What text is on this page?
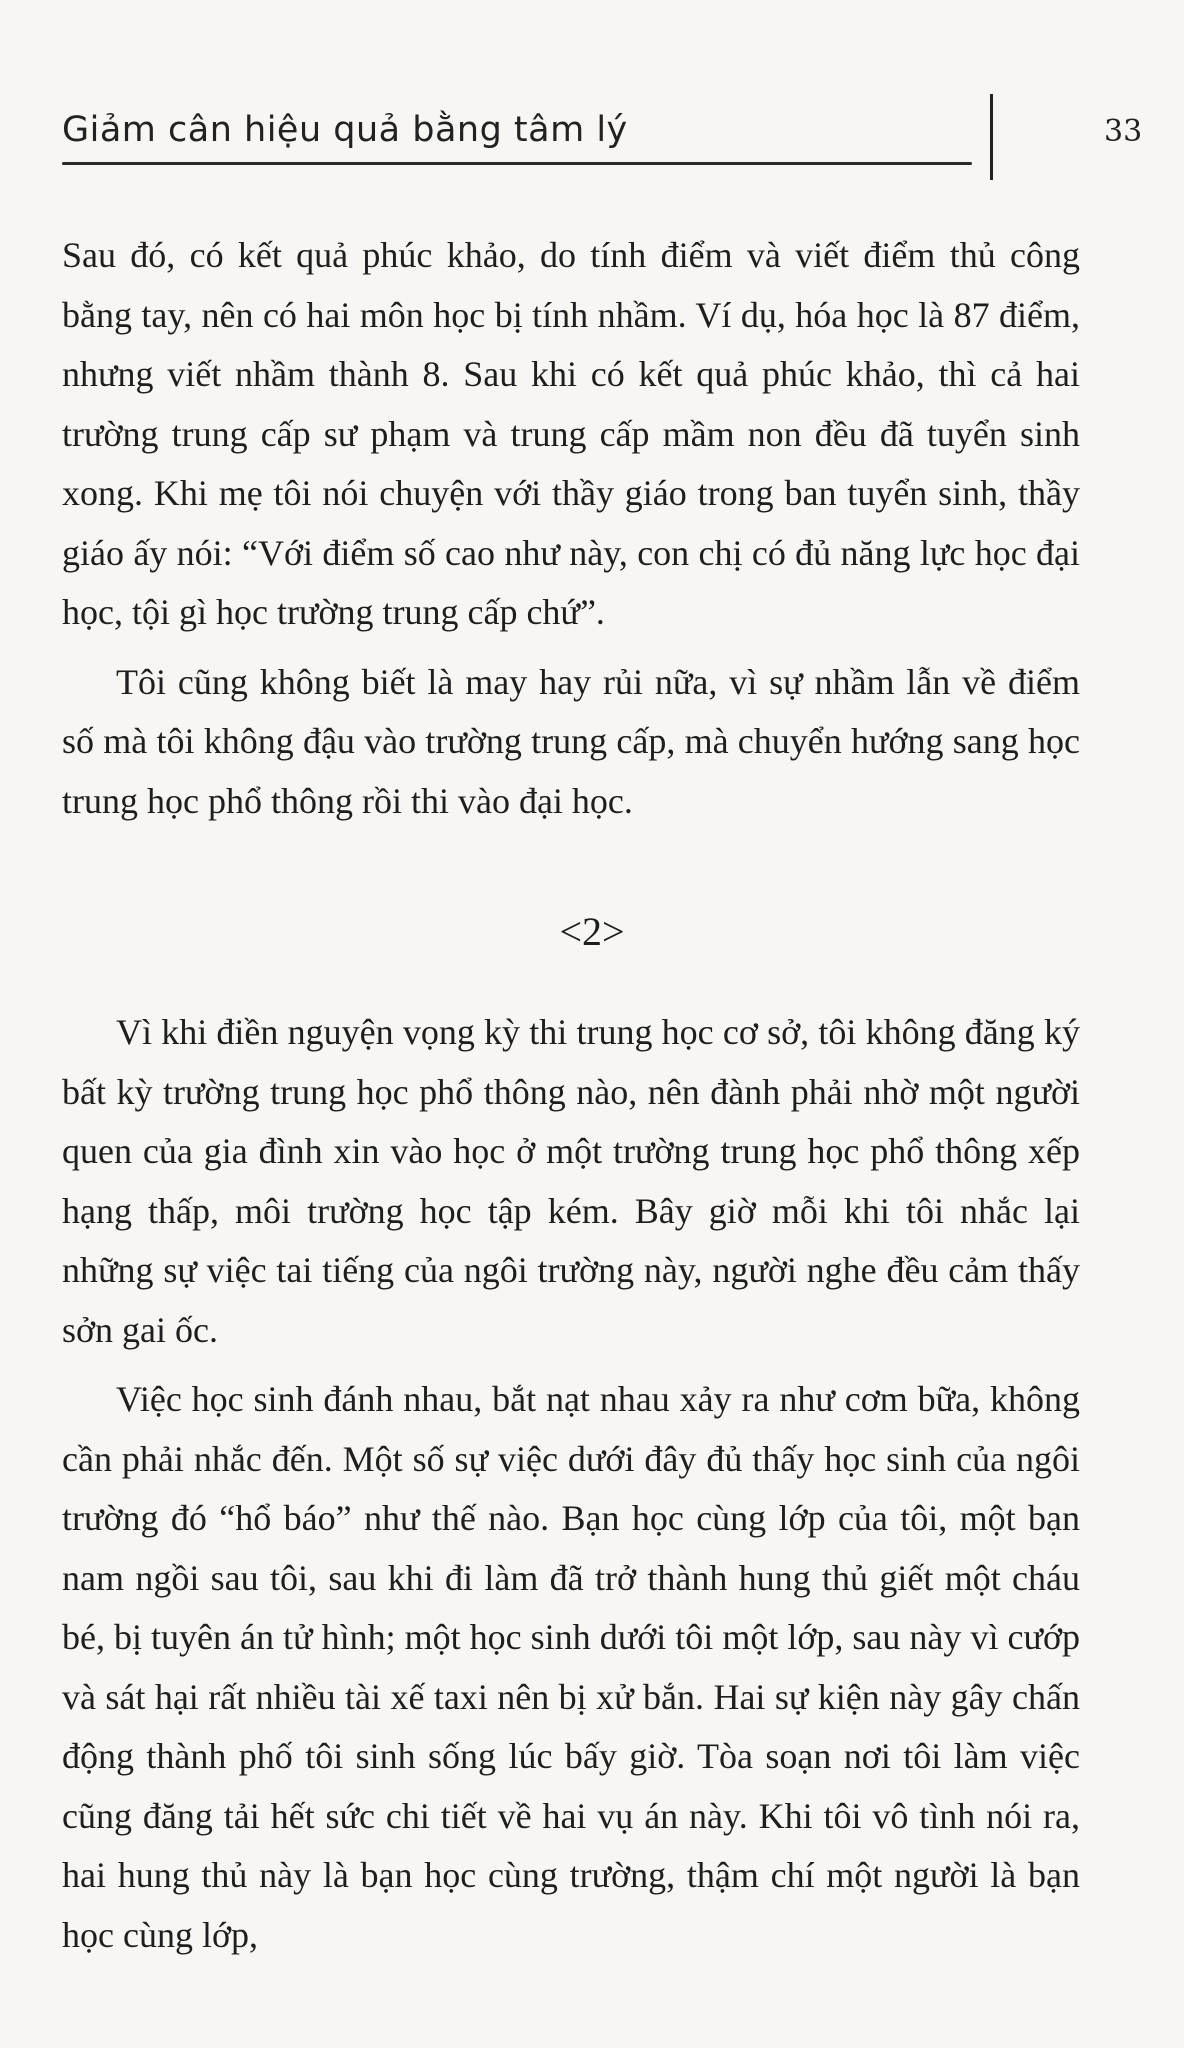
Giảm cân hiệu quả bằng tâm lý	33

Sau đó, có kết quả phúc khảo, do tính điểm và viết điểm thủ công bằng tay, nên có hai môn học bị tính nhầm. Ví dụ, hóa học là 87 điểm, nhưng viết nhầm thành 8. Sau khi có kết quả phúc khảo, thì cả hai trường trung cấp sư phạm và trung cấp mầm non đều đã tuyển sinh xong. Khi mẹ tôi nói chuyện với thầy giáo trong ban tuyển sinh, thầy giáo ấy nói: “Với điểm số cao như này, con chị có đủ năng lực học đại học, tội gì học trường trung cấp chứ”.

Tôi cũng không biết là may hay rủi nữa, vì sự nhầm lẫn về điểm số mà tôi không đậu vào trường trung cấp, mà chuyển hướng sang học trung học phổ thông rồi thi vào đại học.

<2>

Vì khi điền nguyện vọng kỳ thi trung học cơ sở, tôi không đăng ký bất kỳ trường trung học phổ thông nào, nên đành phải nhờ một người quen của gia đình xin vào học ở một trường trung học phổ thông xếp hạng thấp, môi trường học tập kém. Bây giờ mỗi khi tôi nhắc lại những sự việc tai tiếng của ngôi trường này, người nghe đều cảm thấy sởn gai ốc.

Việc học sinh đánh nhau, bắt nạt nhau xảy ra như cơm bữa, không cần phải nhắc đến. Một số sự việc dưới đây đủ thấy học sinh của ngôi trường đó “hổ báo” như thế nào. Bạn học cùng lớp của tôi, một bạn nam ngồi sau tôi, sau khi đi làm đã trở thành hung thủ giết một cháu bé, bị tuyên án tử hình; một học sinh dưới tôi một lớp, sau này vì cướp và sát hại rất nhiều tài xế taxi nên bị xử bắn. Hai sự kiện này gây chấn động thành phố tôi sinh sống lúc bấy giờ. Tòa soạn nơi tôi làm việc cũng đăng tải hết sức chi tiết về hai vụ án này. Khi tôi vô tình nói ra, hai hung thủ này là bạn học cùng trường, thậm chí một người là bạn học cùng lớp,
